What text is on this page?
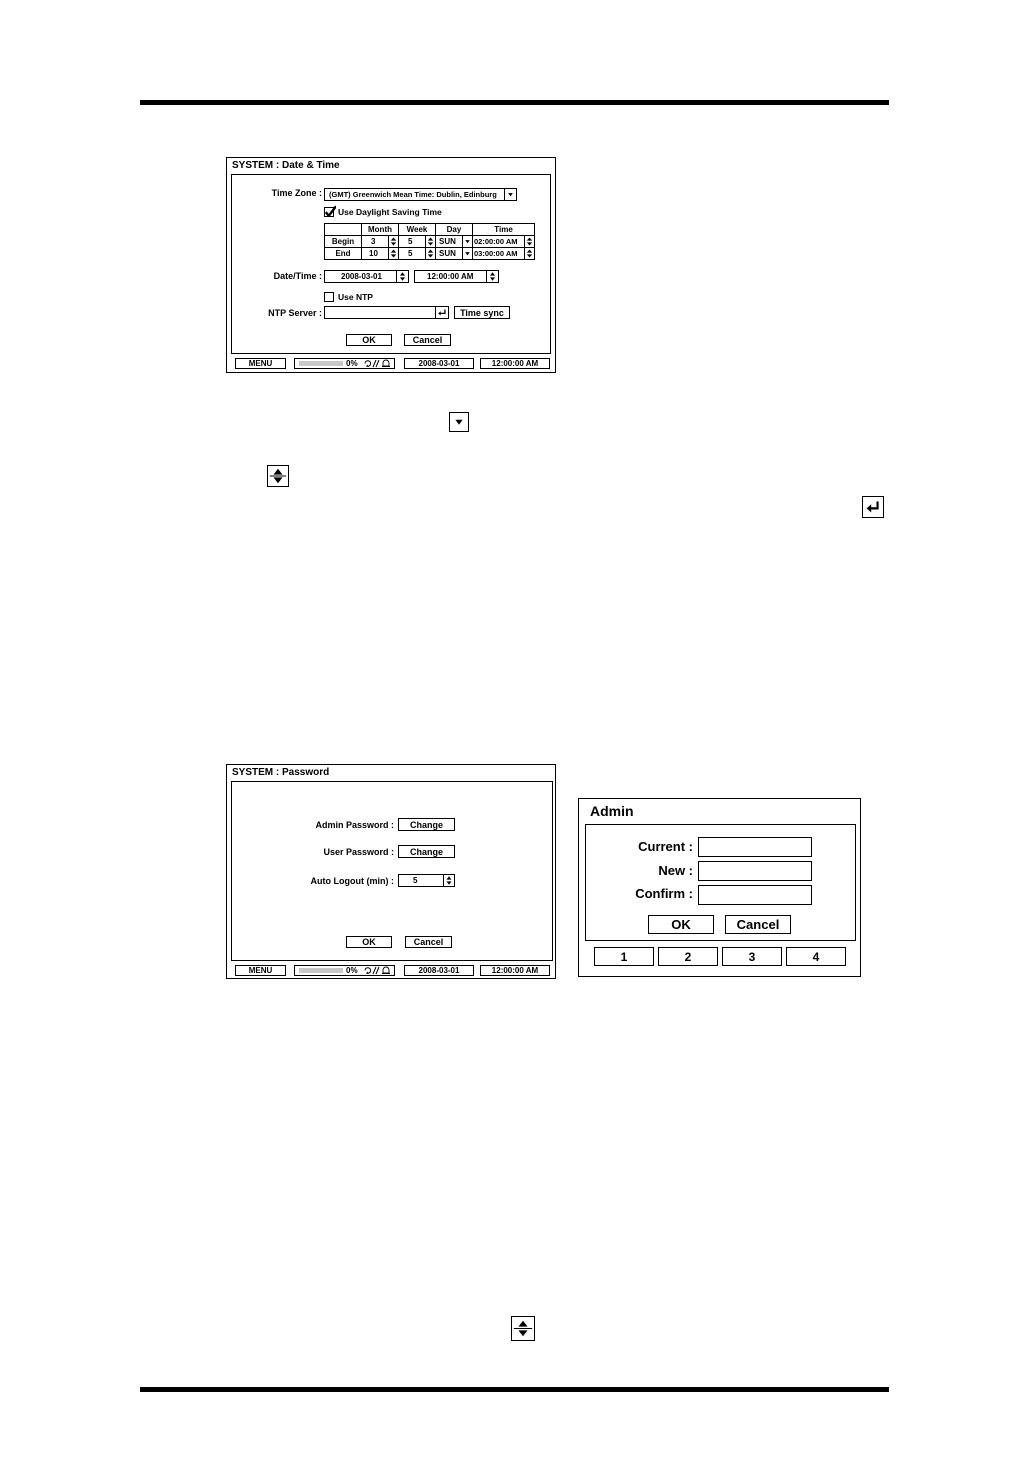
SYSTEM : Date & Time
Time Zone : (GMT) Greenwich Mean Time: Dublin, Edinburg
Use Daylight Saving Time
	Month	Week	Day	Time
Begin	3	5	SUN	02:00:00 AM

End	10	5	SUN	03:00:00 AM
Date/Time :	2008-03-01	12:00:00 AM
Use NTP
NTP Server :	Time sync
OK	Cancel
MENU	0%	2008-03-01	12:00:00 AM
SYSTEM : Password
Admin Password :	Change
User Password :	Change
Auto Logout (min) :	5
OK	Cancel
MENU	0%	2008-03-01	12:00:00 AM
Admin
Current :
New :
Confirm :
OK	Cancel
1	2	3	4
